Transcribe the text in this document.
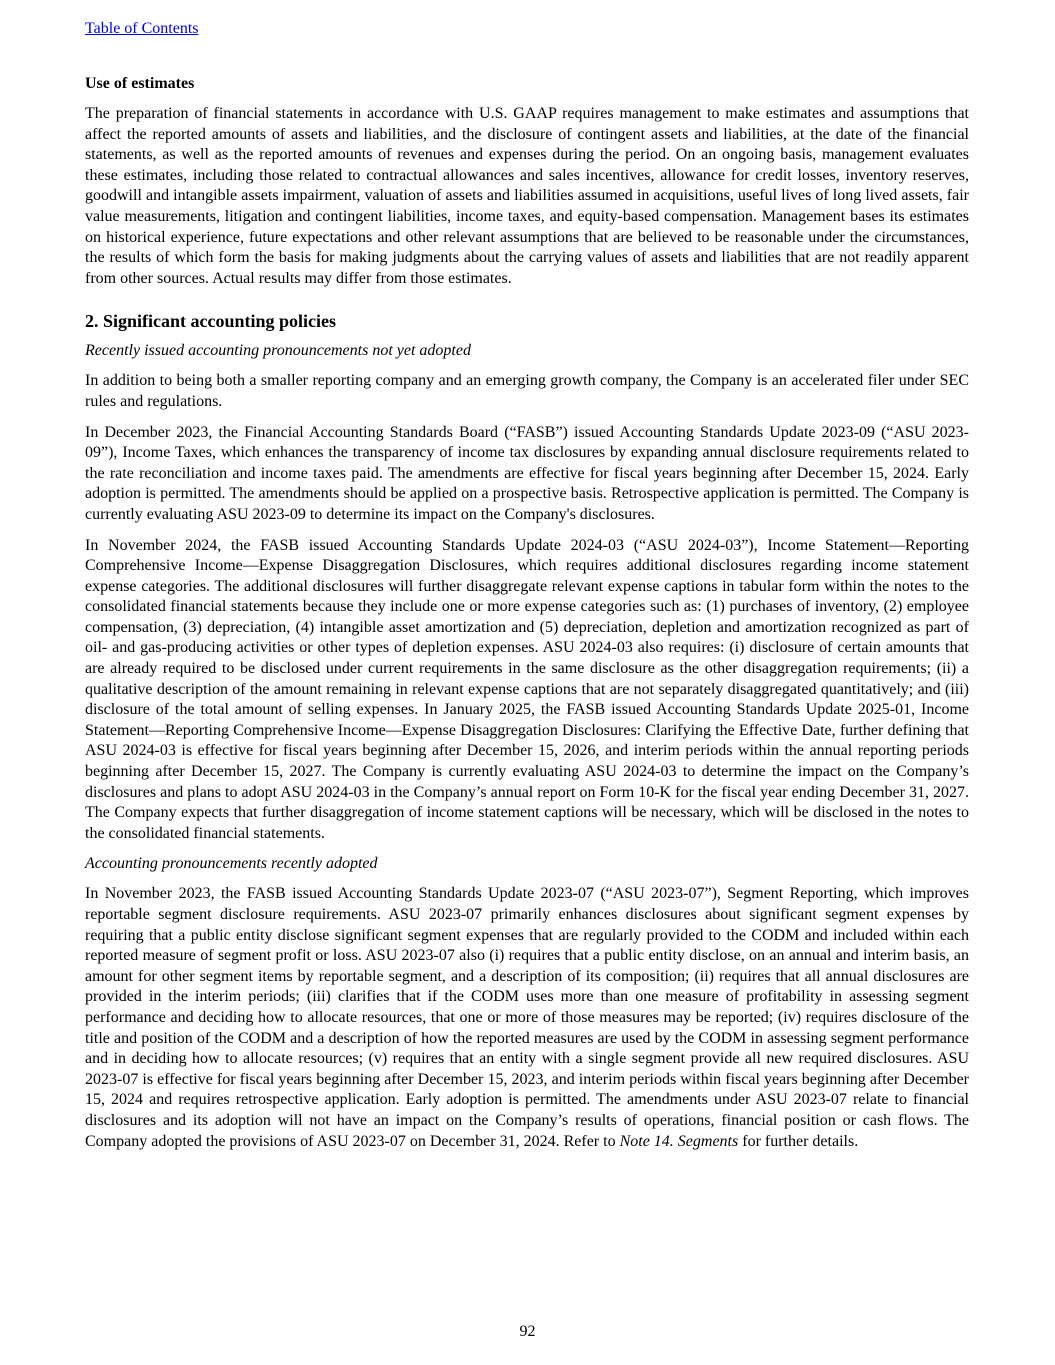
Table of Contents
Use of estimates

The preparation of financial statements in accordance with U.S. GAAP requires management to make estimates and assumptions that affect the reported amounts of assets and liabilities, and the disclosure of contingent assets and liabilities, at the date of the financial statements, as well as the reported amounts of revenues and expenses during the period. On an ongoing basis, management evaluates these estimates, including those related to contractual allowances and sales incentives, allowance for credit losses, inventory reserves, goodwill and intangible assets impairment, valuation of assets and liabilities assumed in acquisitions, useful lives of long lived assets, fair value measurements, litigation and contingent liabilities, income taxes, and equity-based compensation. Management bases its estimates on historical experience, future expectations and other relevant assumptions that are believed to be reasonable under the circumstances, the results of which form the basis for making judgments about the carrying values of assets and liabilities that are not readily apparent from other sources. Actual results may differ from those estimates.

2. Significant accounting policies
Recently issued accounting pronouncements not yet adopted

In addition to being both a smaller reporting company and an emerging growth company, the Company is an accelerated filer under SEC rules and regulations.

In December 2023, the Financial Accounting Standards Board (“FASB”) issued Accounting Standards Update 2023-09 (“ASU 2023-09”), Income Taxes, which enhances the transparency of income tax disclosures by expanding annual disclosure requirements related to the rate reconciliation and income taxes paid. The amendments are effective for fiscal years beginning after December 15, 2024. Early adoption is permitted. The amendments should be applied on a prospective basis. Retrospective application is permitted. The Company is currently evaluating ASU 2023-09 to determine its impact on the Company's disclosures.

In November 2024, the FASB issued Accounting Standards Update 2024-03 (“ASU 2024-03”), Income Statement—Reporting Comprehensive Income—Expense Disaggregation Disclosures, which requires additional disclosures regarding income statement expense categories. The additional disclosures will further disaggregate relevant expense captions in tabular form within the notes to the consolidated financial statements because they include one or more expense categories such as: (1) purchases of inventory, (2) employee compensation, (3) depreciation, (4) intangible asset amortization and (5) depreciation, depletion and amortization recognized as part of oil- and gas-producing activities or other types of depletion expenses. ASU 2024-03 also requires: (i) disclosure of certain amounts that are already required to be disclosed under current requirements in the same disclosure as the other disaggregation requirements; (ii) a qualitative description of the amount remaining in relevant expense captions that are not separately disaggregated quantitatively; and (iii) disclosure of the total amount of selling expenses. In January 2025, the FASB issued Accounting Standards Update 2025-01, Income Statement—Reporting Comprehensive Income—Expense Disaggregation Disclosures: Clarifying the Effective Date, further defining that ASU 2024-03 is effective for fiscal years beginning after December 15, 2026, and interim periods within the annual reporting periods beginning after December 15, 2027. The Company is currently evaluating ASU 2024-03 to determine the impact on the Company’s disclosures and plans to adopt ASU 2024-03 in the Company’s annual report on Form 10-K for the fiscal year ending December 31, 2027. The Company expects that further disaggregation of income statement captions will be necessary, which will be disclosed in the notes to the consolidated financial statements.

Accounting pronouncements recently adopted

In November 2023, the FASB issued Accounting Standards Update 2023-07 (“ASU 2023-07”), Segment Reporting, which improves reportable segment disclosure requirements. ASU 2023-07 primarily enhances disclosures about significant segment expenses by requiring that a public entity disclose significant segment expenses that are regularly provided to the CODM and included within each reported measure of segment profit or loss. ASU 2023-07 also (i) requires that a public entity disclose, on an annual and interim basis, an amount for other segment items by reportable segment, and a description of its composition; (ii) requires that all annual disclosures are provided in the interim periods; (iii) clarifies that if the CODM uses more than one measure of profitability in assessing segment performance and deciding how to allocate resources, that one or more of those measures may be reported; (iv) requires disclosure of the title and position of the CODM and a description of how the reported measures are used by the CODM in assessing segment performance and in deciding how to allocate resources; (v) requires that an entity with a single segment provide all new required disclosures. ASU 2023-07 is effective for fiscal years beginning after December 15, 2023, and interim periods within fiscal years beginning after December 15, 2024 and requires retrospective application. Early adoption is permitted. The amendments under ASU 2023-07 relate to financial disclosures and its adoption will not have an impact on the Company’s results of operations, financial position or cash flows. The Company adopted the provisions of ASU 2023-07 on December 31, 2024. Refer to Note 14. Segments for further details.

92
